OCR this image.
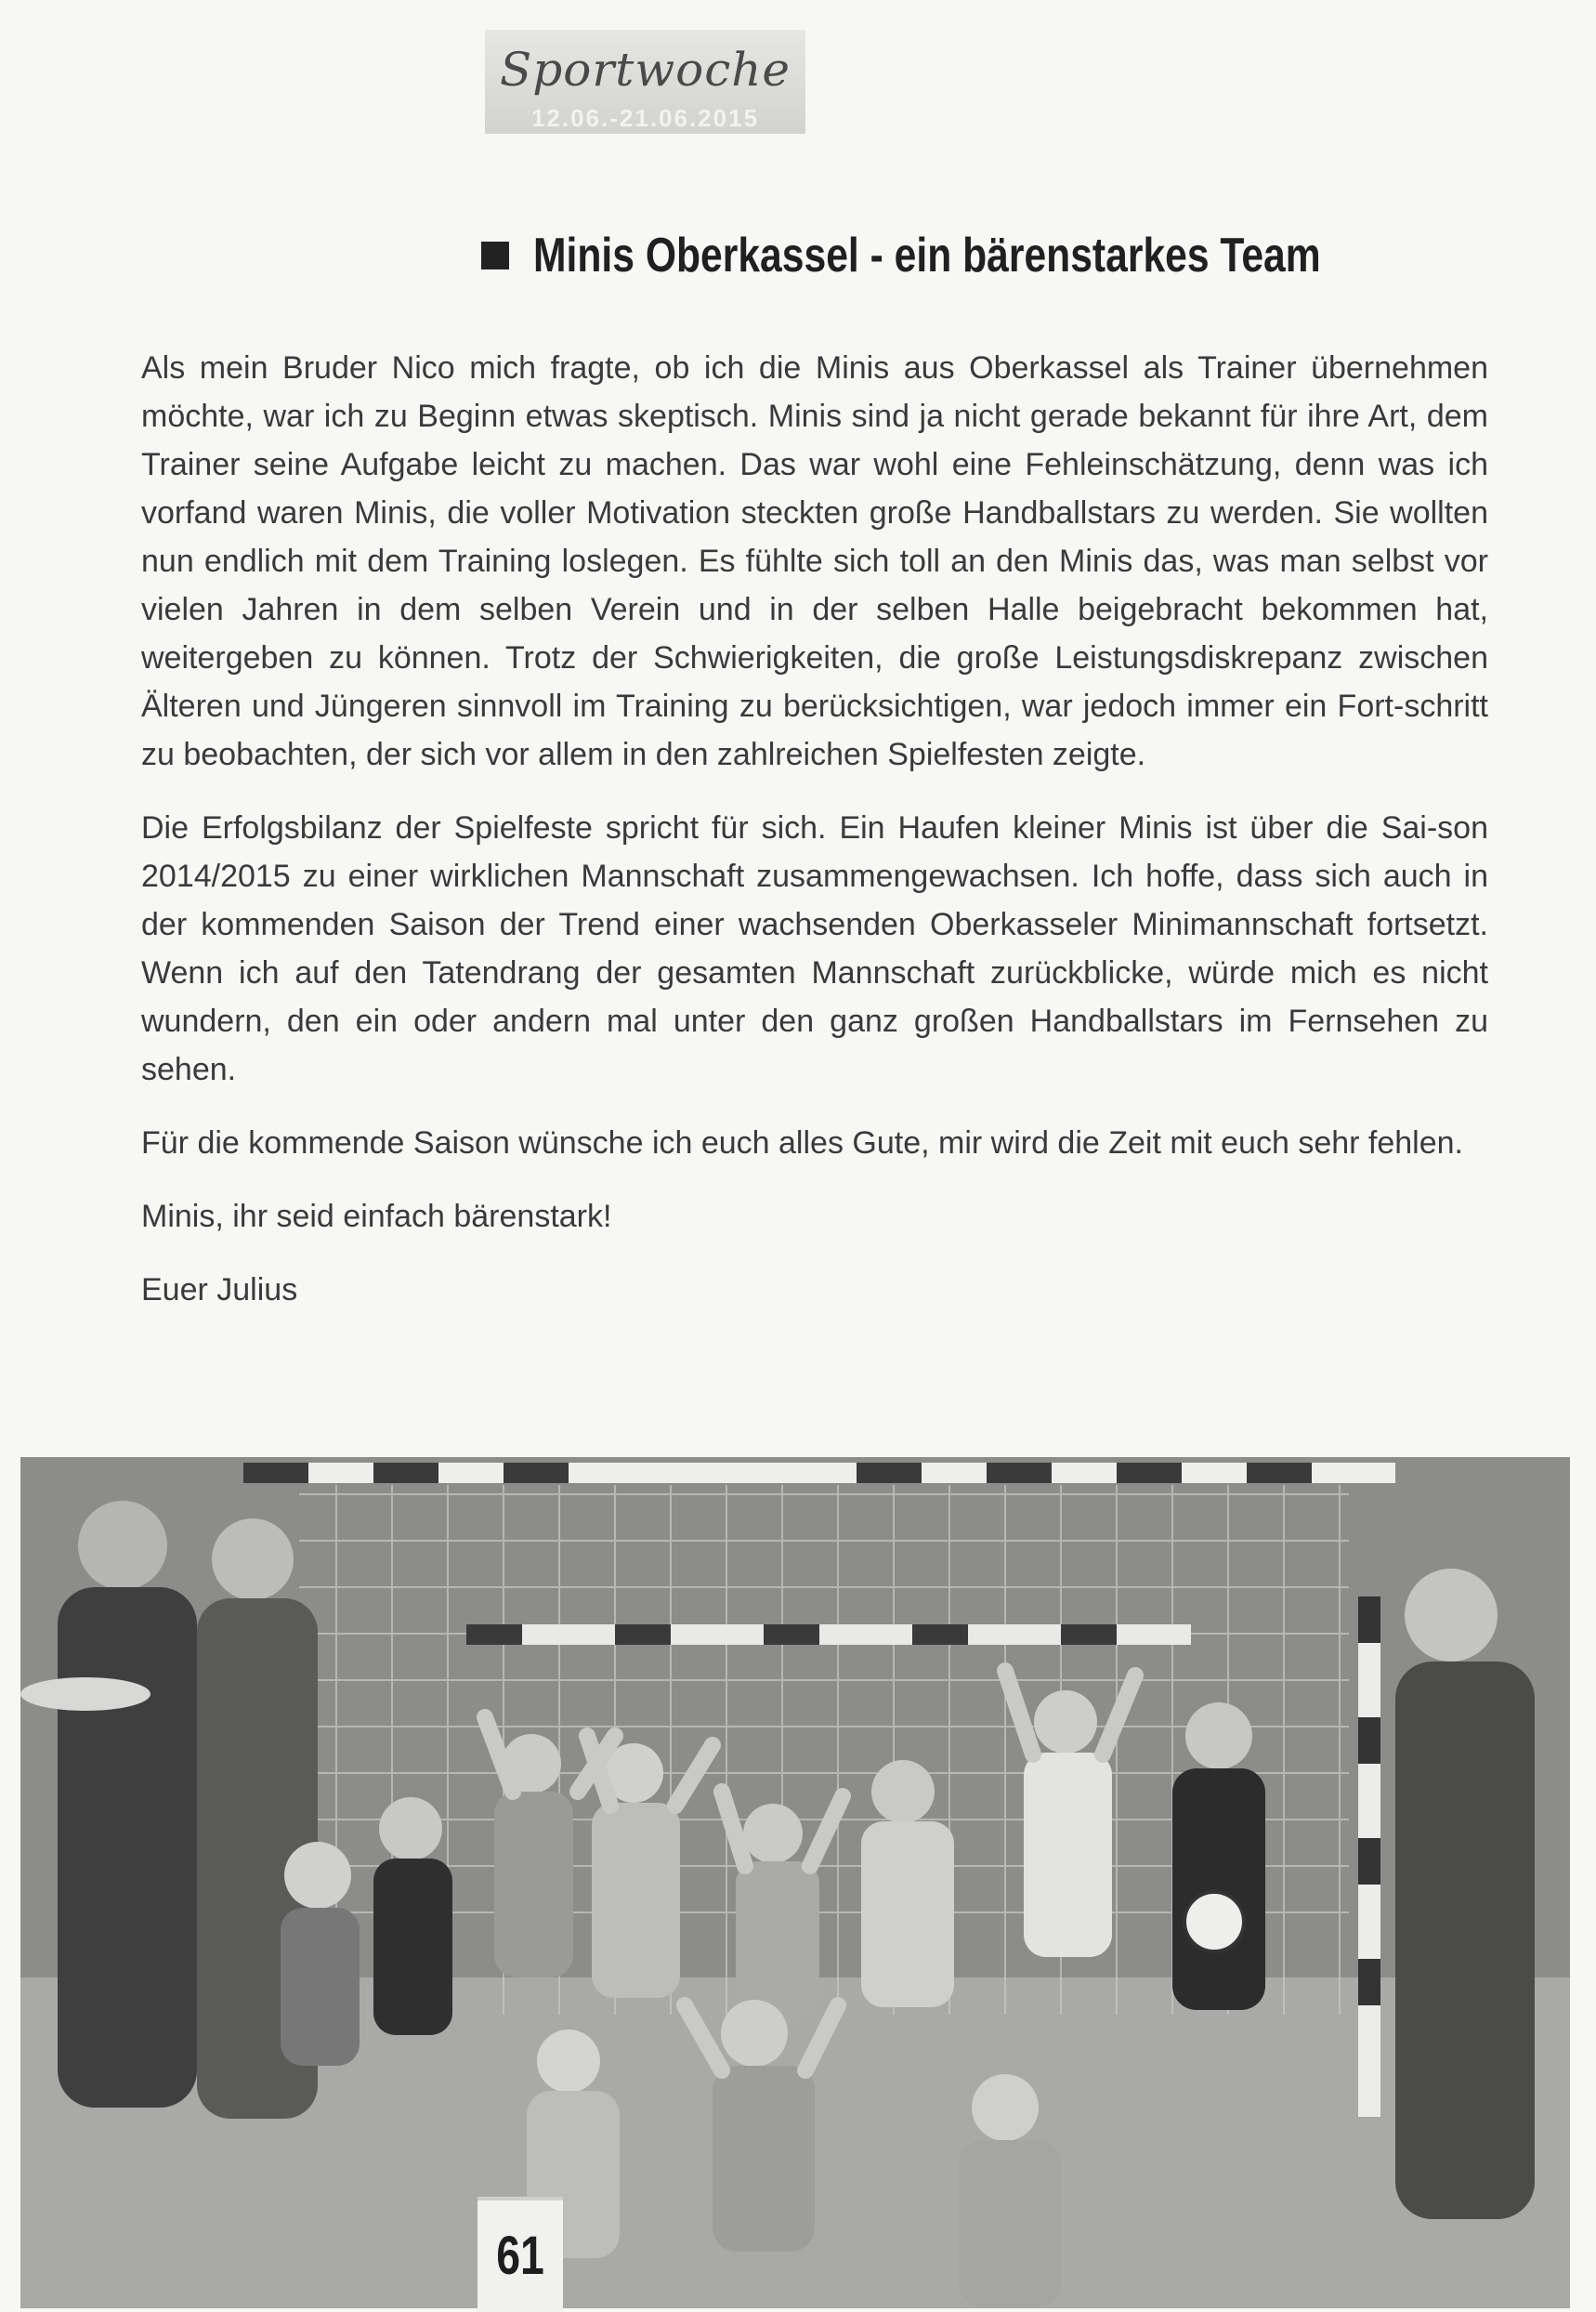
Sportwoche
12.06.-21.06.2015
Minis Oberkassel - ein bärenstarkes Team

Als mein Bruder Nico mich fragte, ob ich die Minis aus Oberkassel als Trainer übernehmen möchte, war ich zu Beginn etwas skeptisch. Minis sind ja nicht gerade bekannt für ihre Art, dem Trainer seine Aufgabe leicht zu machen. Das war wohl eine Fehleinschätzung, denn was ich vorfand waren Minis, die voller Motivation steckten große Handballstars zu werden. Sie wollten nun endlich mit dem Training loslegen. Es fühlte sich toll an den Minis das, was man selbst vor vielen Jahren in dem selben Verein und in der selben Halle beigebracht bekommen hat, weitergeben zu können. Trotz der Schwierigkeiten, die große Leistungsdiskrepanz zwischen Älteren und Jüngeren sinnvoll im Training zu berücksichtigen, war jedoch immer ein Fort-schritt zu beobachten, der sich vor allem in den zahlreichen Spielfesten zeigte.

Die Erfolgsbilanz der Spielfeste spricht für sich. Ein Haufen kleiner Minis ist über die Sai-son 2014/2015 zu einer wirklichen Mannschaft zusammengewachsen. Ich hoffe, dass sich auch in der kommenden Saison der Trend einer wachsenden Oberkasseler Minimannschaft fortsetzt. Wenn ich auf den Tatendrang der gesamten Mannschaft zurückblicke, würde mich es nicht wundern, den ein oder andern mal unter den ganz großen Handballstars im Fernsehen zu sehen.

Für die kommende Saison wünsche ich euch alles Gute, mir wird die Zeit mit euch sehr fehlen.

Minis, ihr seid einfach bärenstark!

Euer Julius

61
